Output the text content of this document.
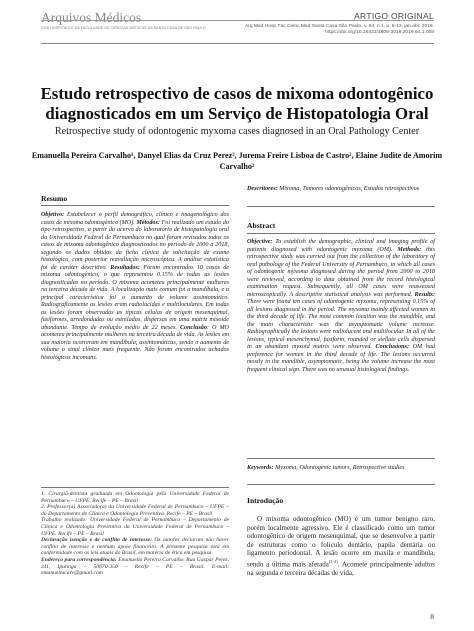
Arquivos Médicos
DOS HOSPITAIS E DA FACULDADE DE CIÊNCIAS MÉDICAS DA SANTA CASA DE SÃO PAULO
ARTIGO ORIGINAL
Arq Med Hosp Fac Cienc Med Santa Casa São Paulo. v. 64, n.1, p. 8-13, jan.abr. 2019.
https://doi.org/10.26432/1809-3019.2019.64.1.008
Estudo retrospectivo de casos de mixoma odontogênico diagnosticados em um Serviço de Histopatologia Oral
Retrospective study of odontogenic myxoma cases diagnosed in an Oral Pathology Center
Emanuella Pereira Carvalho¹, Danyel Elias da Cruz Perez², Jurema Freire Lisboa de Castro², Elaine Judite de Amorim Carvalho²
Resumo
Objetivo: Estabelecer o perfil demográfico, clínico e imagenológico dos casos de mixoma odontogênico (MO). Métodos: Foi realizado um estudo do tipo retrospectivo, a partir do acervo do laboratório de histopatologia oral da Universidade Federal de Pernambuco no qual foram revisados todos os casos de mixoma odontogênico diagnosticados no período de 2000 a 2018, segundo os dados obtidos da ficha clínica de solicitação de exame histológico, com posterior reavaliação microscópica. A análise estatística foi de caráter descritivo. Resultados: Foram encontrados 10 casos de mixoma odontogênico, o que representou 0.15% de todas as lesões diagnosticadas no período. O mixoma acometeu principalmente mulheres na terceira década de vida. A localização mais comum foi a mandíbula, e a principal característica foi o aumento de volume assintomático. Radiograficamente as lesões eram radiolúcidas e multiloculares. Em todas as lesões foram observadas as típicas células de origem mesenquimal, fusiformes, arredondadas ou estreladas, dispersas em uma matriz mixoide abundante. Tempo de evolução médio de 22 meses. Conclusão: O MO acometeu principalmente mulheres na terceira década de vida. As lesões em sua maioria ocorreram em mandíbula, assintomáticas, sendo o aumento de volume o sinal clínico mais frequente. Não foram encontrados achados histológicos incomuns.
1. Cirurgiã-dentista graduada em Odontologia pela Universidade Federal de Pernambuco – UFPE. Recife – PE – Brasil
2. Professor(a) Associado(a) da Universidade Federal de Pernambuco – UFPE – do Departamento de Clínica e Odontologia Preventiva. Recife – PE – Brasil
Trabalho realizado: Universidade Federal de Pernambuco – Departamento de Clínica e Odontologia Preventiva da Universidade Federal de Pernambuco – UFPE. Recife – PE – Brasil
Declaração isenção e de conflito de interesse: Os autores declaram não haver conflito de interesse e nenhum apoio financeiro. A presente pesquisa está em conformidade com as leis atuais do Brasil, em matéria de ética em pesquisa.
Endereço para correspondência: Emanuella Pereira Carvalho. Rua Gaspar Perez, 311, Iputinga – 50670-350 – Recife – PE – Brasil. E-mail: emanuellacarv@gmail.com
Descritores: Mixoma, Tumores odontogênicos, Estudos retrospectivos
Abstract
Objective: To establish the demographic, clinical and imaging profile of patients diagnosed with odontogenic myxoma (OM). Methods: this retrospective study was carried out from the collection of the laboratory of oral pathology of the Federal University of Pernambuco, in which all cases of odontogenic myxoma diagnosed during the period from 2000 to 2018 were reviewed, according to data obtained from the record histological examination request. Subsequently, all OM cases were reassessed microscopically. A descriptive statistical analysis was performed. Results: There were found ten cases of odontogenic myxoma, representing 0.15% of all lesions diagnosed in the period. The myxoma mainly affected women in the third decade of life. The most common location was the mandible, and the main characteristic was the asymptomatic volume increase. Radiographically the lesions were radiolucent and multilocular. In all of the lesions, typical mesenchymal, fusiform, rounded or stellate cells dispersed in an abundant myxoid matrix were observed. Conclusions: OM had preference for women in the third decade of life. The lesions occurred mostly in the mandible, asymptomatic, being the volume increase the most frequent clinical sign. There was no unusual histological findings.
Keywords: Myxoma, Odontogenic tumors, Retrospective studies
Introdução
O mixoma odontogênico (MO) é um tumor benigno raro, porém localmente agressivo. Ele é classificado como um tumor odontogênico de origem mesenquimal, que se desenvolve a partir de estruturas como o folículo dentário, papila dentária ou ligamento periodontal. A lesão ocorre em maxila e mandíbula, sendo a última mais afetada$^{(1-2)}$. Acomete principalmente adultos na segunda e terceira décadas de vida,
8
